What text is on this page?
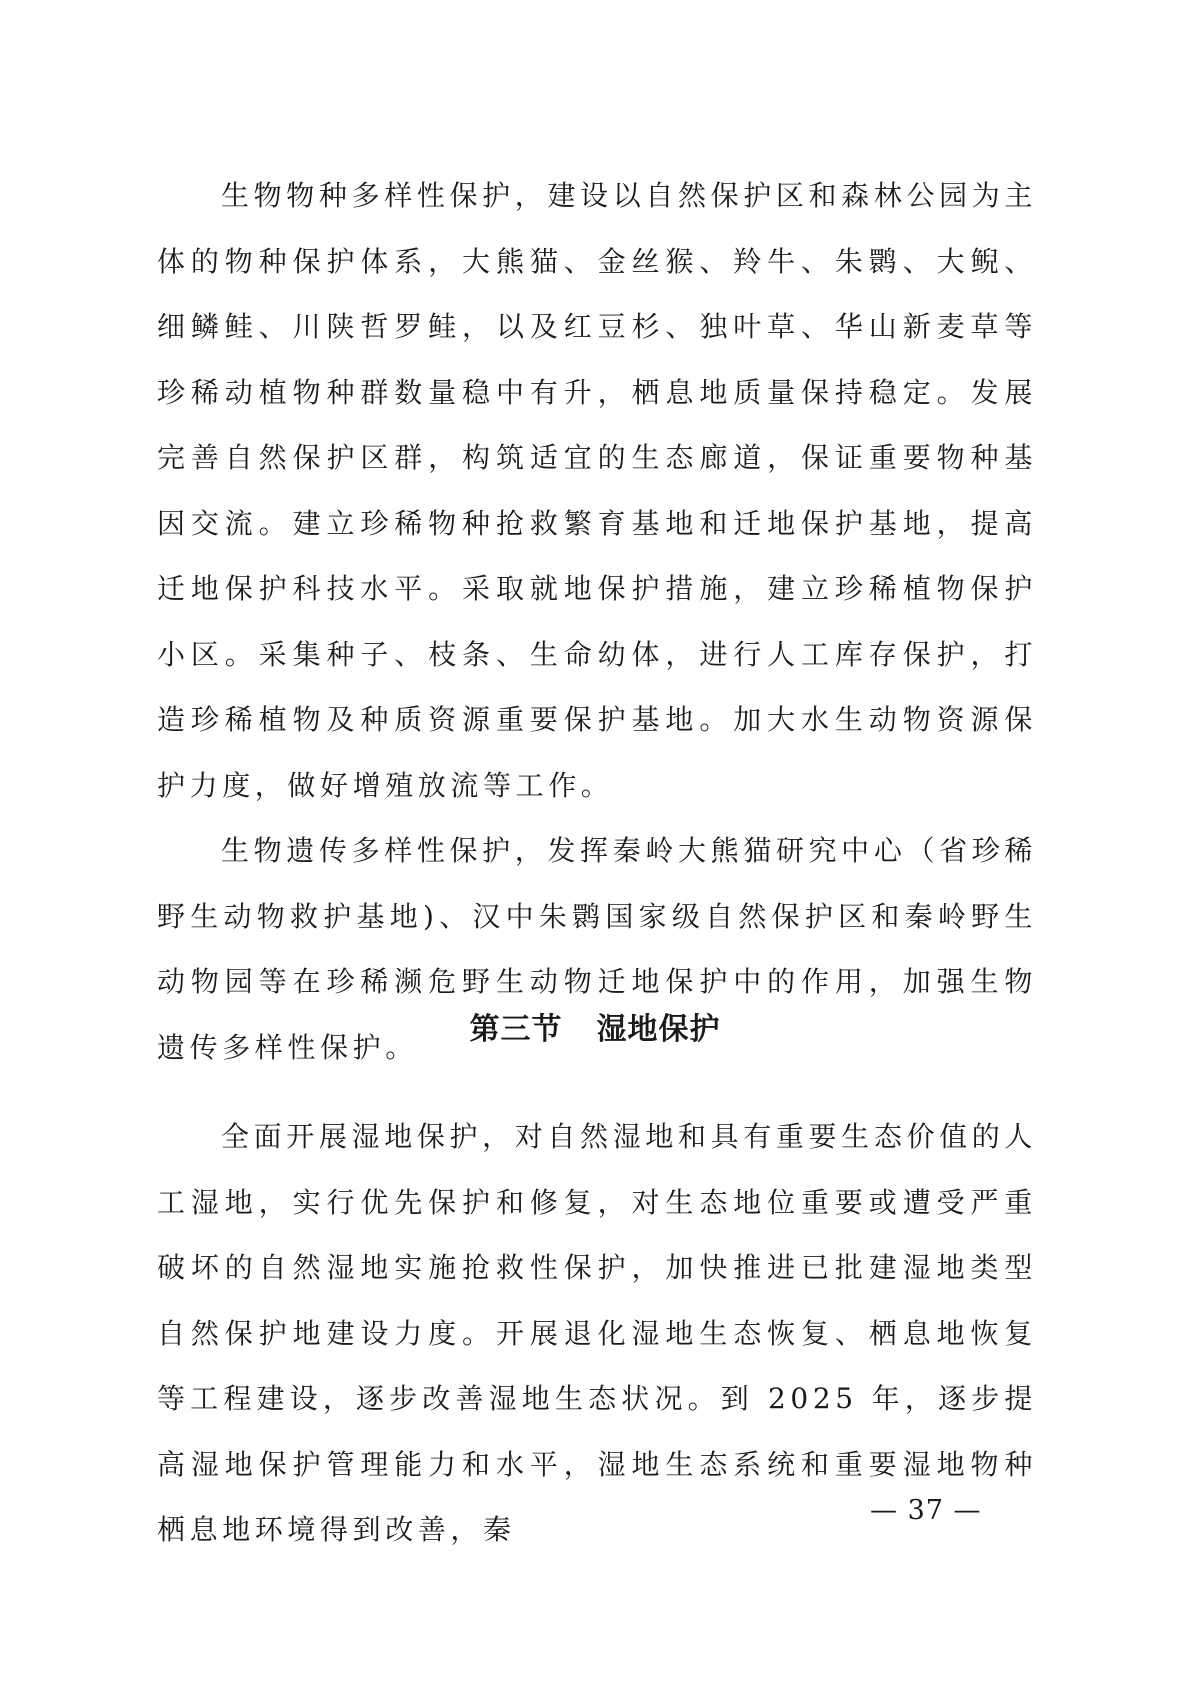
生物物种多样性保护，建设以自然保护区和森林公园为主体的物种保护体系，大熊猫、金丝猴、羚牛、朱鹮、大鲵、细鳞鲑、川陕哲罗鲑，以及红豆杉、独叶草、华山新麦草等珍稀动植物种群数量稳中有升，栖息地质量保持稳定。发展完善自然保护区群，构筑适宜的生态廊道，保证重要物种基因交流。建立珍稀物种抢救繁育基地和迁地保护基地，提高迁地保护科技水平。采取就地保护措施，建立珍稀植物保护小区。采集种子、枝条、生命幼体，进行人工库存保护，打造珍稀植物及种质资源重要保护基地。加大水生动物资源保护力度，做好增殖放流等工作。

生物遗传多样性保护，发挥秦岭大熊猫研究中心（省珍稀野生动物救护基地)、汉中朱鹮国家级自然保护区和秦岭野生动物园等在珍稀濒危野生动物迁地保护中的作用，加强生物遗传多样性保护。	第三节 湿地保护

全面开展湿地保护，对自然湿地和具有重要生态价值的人工湿地，实行优先保护和修复，对生态地位重要或遭受严重破坏的自然湿地实施抢救性保护，加快推进已批建湿地类型自然保护地建设力度。开展退化湿地生态恢复、栖息地恢复等工程建设，逐步改善湿地生态状况。到 2025 年，逐步提高湿地保护管理能力和水平，湿地生态系统和重要湿地物种栖息地环境得到改善，秦

— 37 —
